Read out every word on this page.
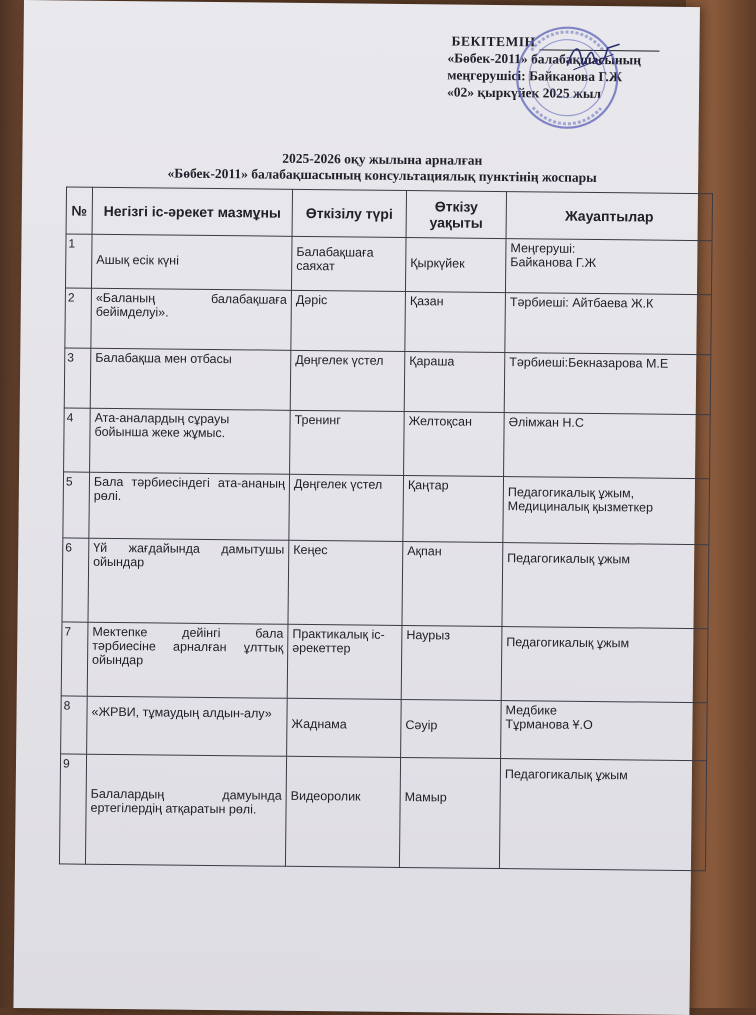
БЕКІТЕМІН
«Бөбек-2011» балабақшасының
меңгерушісі: Байканова Г.Ж
«02» қыркүйек 2025 жыл
2025-2026 оқу жылына арналған
«Бөбек-2011» балабақшасының консультациялық пунктінің жоспары
№	Негізгі іс-әрекет мазмұны	Өткізілу түрі	Өткізу уақыты	Жауаптылар
1	Ашық есік күні	Балабақшаға саяхат	Қыркүйек	Меңгеруші:
Байканова Г.Ж

2	«Баланың балабақшаға бейімделуі».	Дәріс	Қазан	Тәрбиеші: Айтбаева Ж.К
3	Балабақша мен отбасы	Дөңгелек үстел	Қараша	Тәрбиеші:Бекназарова М.Е
4	Ата-аналардың сұрауы бойынша жеке жұмыс.	Тренинг	Желтоқсан	Әлімжан Н.С
5	Бала тәрбиесіндегі ата-ананың рөлі.	Дөңгелек үстел	Қаңтар	Педагогикалық ұжым,
Медициналық қызметкер

6	Үй жағдайында дамытушы ойындар	Кеңес	Ақпан	Педагогикалық ұжым
7	Мектепке дейінгі бала тәрбиесіне арналған ұлттық ойындар	Практикалық іс-әрекеттер	Наурыз	Педагогикалық ұжым
8	«ЖРВИ, тұмаудың алдын-алу»	Жаднама	Сәуір	Медбике
Тұрманова Ұ.О

9	Балалардың дамуында ертегілердің атқаратын рөлі.	Видеоролик	Мамыр	Педагогикалық ұжым
